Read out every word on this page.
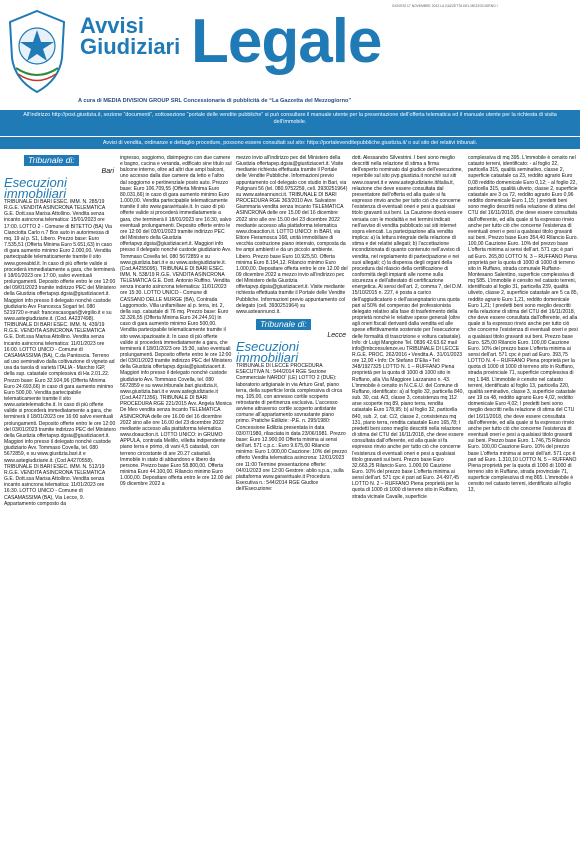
GIOVEDÌ 17 NOVEMBRE 2022 LA GAZZETTA DEL MEZZOGIORNO I
Avvisi
Giudiziari Legale
A cura di MEDIA DIVISION GROUP SRL Concessionaria di pubblicità de “La Gazzetta del Mezzogiorno”
All’indirizzo http://post.giustizia.it, sezione “documenti”, sottosezione “portale delle vendite pubbliche” si può consultare il manuale utente per la presentazione dell’offerta telematica ed il manuale utente per la richiesta di visita dell’immobile.
Avvisi di vendita, ordinanze e dettaglio procedure, possono essere consultati sul sito: https://portalevenditepubbliche.giustizia.it/ o sul sito dei relativi tribunali.
Tribunale di:
Bari
Esecuzioni immobiliari

TRIBUNALE DI BARI ESEC. IMM. N. 285/19 R.G.E. VENDITA ASINCRONA TELEMATICA G.E. Dott.ssa Marisa Attollino. Vendita senza incanto asincrona telematica: 15/01/2023 ore 17:00. LOTTO 2 - Comune di BITETTO (BA) Via Cianciotta Carlo n.7 Box auto in autorimessa di mq. 19 al p. S1, Libero. Prezzo base: Euro 7.535,51 (Offerta Minima Euro 5.651,63) in caso di gara aumento minimo Euro 2.000,00. Vendita partecipabile telematicamente tramite il sito www.goreabid.it. In caso di più offerte valide si procederà immediatamente a gara, che terminerà il 18/01/2023 ore 17:00, salvo eventuali prolungamenti. Deposito offerte entro le ore 12:00 del 09/01/2023 tramite indirizzo PEC del Ministero della Giustizia offertapvp.dgsia@giustiziacert.it. Maggiori info presso il delegato nonché custode giudiziario Avv Francesca Sogari tel. 080 5219720 e-mail: francescasogari@virgilio.it e su www.astegiudiziarie.it. (Cod. A4237498). TRIBUNALE DI BARI ESEC. IMM. N. 439/19 R.G.E. VENDITA ASINCRONA TELEMATICA G.E. Dott.ssa Marisa Attollino. Vendita senza incanto asincrona telematica: 11/01/2023 ore 16:00. LOTTO UNICO - Comune di CASAMASSIMA (BA), C.da Pantoscia. Terreno ad uso seminativo dalla coltivazione di vigneto ad uva da tavola di varietà ITALIA - Marchio IGP, della sup. catastale complessiva di Ha 2.01.22. Prezzo base: Euro 32.924,96 (Offerta Minima Euro 24.693,66) in caso di gara aumento minimo Euro 500,00. Vendita partecipabile telematicamente tramite il sito www.astetelematiche.it. In caso di più offerte valide si procederà immediatamente a gara, che terminerà il 18/01/2023 ore 16:00 salvo eventuali prolungamenti. Deposito offerte entro le ore 12:00 del 03/01/2023 tramite indirizzo PEC del Ministero della Giustizia offertapvp.dgsia@giustiziacert.it. Maggiori info presso il delegato nonché custode giudiziario Avv. Tommaso Covella, tel. 080 5672859, e su www.giustizia.bari.it e www.astegiudiziarie.it. (Cod A4270558). TRIBUNALE DI BARI ESEC. IMM. N. 512/19 R.G.E. VENDITA ASINCRONA TELEMATICA G.E. Dott.ssa Marisa Attollino. Vendita senza incanto asincrona telematica: 11/01/2023 ore 16:30. LOTTO UNICO - Comune di CASAMASSIMA (BA), Via Lecce, 9. Appartamento composto da

ingresso, soggiorno, disimpegno con due camere e bagno, cucina e veranda, edificato sine titulo sul balcone interno, oltre ad altri due ampi balconi, uno accesso dalla due camere da letto e l’altro dal soggiorno e pertinenziale posto auto. Prezzo base: Euro 106.709,55 (Offerta Minima Euro 80.031,66) in caso di gara aumento minimo Euro 1.000,00. Vendita partecipabile telematicamente tramite il sito www.garavirtuale.it. In caso di più offerte valide si procederà immediatamente a gara, che terminerà il 18/01/2023 ore 16:30, salvo eventuali prolungamenti. Deposito offerte entro le ore 12:00 del 03/01/2023 tramite indirizzo PEC del Ministero della Giustizia offertapvp.dgsia@giustiziacert.it. Maggiori info presso il delegato nonché custode giudiziario Avv. Tommaso Covella tel. 080 5672859 e su www.giustizia.bari.it e su www.astegiudiziarie.it. (Cod.A4255095). TRIBUNALE DI BARI ESEC. IMM. N. 538/19 R.G.E. VENDITA ASINCRONA TELEMATICA G.E. Dott. Antonio Ruffino. Vendita senza incanto asincrona telematica: 11/01/2023 ore 15:30. LOTTO UNICO - Comune di CASSANO DELLE MURGE (BA), Contrada Laggomodo. Villa unifamiliare al p. terra, int. 2, della sup. catastale di 76 mq. Prezzo base: Euro 32.326,55 (Offerta Minima Euro 24.244,91) in caso di gara aumento minimo Euro 500,00. Vendita partecipabile telematicamente tramite il sito www.spazioaste.it. In caso di più offerte valide si procederà immediatamente a gara, che terminerà il 18/01/2023 ore 15:30, salvo eventuali prolungamenti. Deposito offerte entro le ore 12:00 del 03/01/2023 tramite indirizzo PEC del Ministero della Giustizia offertapvp.dgsia@giustiziacert.it. Maggiori info presso il delegato nonché custode giudiziario Avv. Tommaso Covella, tel. 080 5672859 e su www.tribunale.bari.giustizia.it, www.giustizia.bari.it e www.astegiudiziarie.it (Cod.A4271356). TRIBUNALE DI BARI PROCEDURA RGE 221/2015 Avv. Angela Monica De Meo vendita senza incanto TELEMATICA ASINCRONA delle ore 16.00 del 16 dicembre 2022 sino alle ore 16.00 del 23 dicembre 2022 mediante accesso alla piattaforma telematica www.doauction.it. LOTTO UNICO: in GRUMO APPULA, contrada Melillo, villetta indipendente piano terra e primo, di vani 4,5 catastali, con terreno circostante di are 20.27 catastali. Immobile in stato di abbandono e libero da persone. Prezzo base Euro 58.800,00. Offerta minima Euro 44.100,00. Rilancio minimo Euro 1.000,00. Depositare offerta entro le ore 12.00 del 09 dicembre 2022 a

mezzo invio all’indirizzo pec del Ministero della Giustizia offertapvp.dgsia@giustiziacert.it. Visite mediante richiesta effettuata tramite il Portale delle Vendite Pubbliche. Informazioni previo appuntamento col delegato con studio in Bari, via Pulignani 56 (tel. 080.9752259, cell. 3930251964) su www.asteannunci.it. TRIBUNALE DI BARI PROCEDURA RGE 363/2010 Avv. Salvatore Giammaria vendita senza incanto TELEMATICA ASINCRONA delle ore 15.00 del 16 dicembre 2022 sino alle ore 15.00 del 23 dicembre 2022 mediante accesso alla piattaforma telematica www.doauction.it. LOTTO UNICO: in BARI, via Ettore Fieramosca 168, unità immobiliare di vecchia costruzione piano interrato, composta da tre ampi ambienti e da un piccolo ambiente. Libero. Prezzo base Euro 10.925,50. Offerta minima Euro 8.194,12. Rilancio minimo Euro 1.000,00. Depositare offerta entro le ore 12.00 del 09 dicembre 2022 a mezzo invio all’indirizzo pec del Ministero della Giustizia offertapvp.dgsia@giustiziacert.it. Visite mediante richiesta effettuata tramite il Portale delle Vendite Pubbliche. Informazioni previo appuntamento col delegato (cell. 3930251964) su www.asteannunci.it.

Tribunale di:
Lecce
Esecuzioni immobiliari

TRIBUNALE DI LECCE PROCEDURA ESECUTIVA N.: 544/2014 RGE Sezione Commerciale NARDO’ (LE) LOTTO 2 (DUE): laboratorio artigianale in via Arturo Graf, piano terra, della superficie lorda complessiva di circa mq. 105,00, con annesso cortile scoperto retrostante di pertinenza esclusiva. L’accesso avviene attraverso cortile scoperto antistante comune all’appartamento sovrastante piano primo. Pratiche Edilizie: -P.E. n. 295/1980: Concessione Edilizia presentata in data 03/07/1980, rilasciata in data 23/06/1981. Prezzo base: Euro 12.900,00 Offerta minima ai sensi dell’art. 571 c.p.c.: Euro 9.675,00 Rilancio minimo: Euro 1.000,00 Cauzione: 10% del prezzo offerto Vendita telematica asincrona: 12/01/2023 ore 11:00 Termine presentazione offerte: 04/01/2023 ore 12:00 Gestore: ablio s.p.a., sulla piattaforma www.garavirtuale.it Procedura Esecutiva n.: 544/2014 RGE Giudice dell’Esecuzione:

dott. Alessandro Silvestrini. I beni sono meglio descritti nella relazione di stima a firma dell’esperto nominato dal giudice dell’esecuzione, reperibile sul sito pvp.giustizia.it nonché sui siti www.oxanet.it e www.astegiudiziarie.it/italia.it, relazione che deve essere consultata dal presentatore dell’offerta ed alla quale si fa espresso rinvio anche per tutto ciò che concerne l’esistenza di eventuali oneri e pesi a qualsiasi titolo gravanti sui beni. La Cauzione dovrà essere versata con le modalità e nei termini indicati nell’avviso di vendita pubblicato sui siti internet sopra elencati. La partecipazione alla vendita implica: a) la lettura integrale della relazione di stima e dei relativi allegati; b) l’accettazione incondizionata di quanto contenuto nell’avviso di vendita, nel regolamento di partecipazione e nei suoi allegati; c) la dispensa degli organi della procedura dal rilascio della certificazione di conformità degli impianti alle norme sulla sicurezza e dell’attestato di certificazione energetica. Ai sensi dell’art. 2, comma 7, del D.M. 15/10/2015 n. 227, è posta a carico dell’aggiudicatario o dell’assegnatario una quota pari al 50% del compenso del professionista delegato relativo alla fase di trasferimento della proprietà nonché le relative spese generali (oltre agli oneri fiscali derivanti dalla vendita ed alle spese effettivamente sostenute per l’esecuzione delle formalità di trascrizione e voltura catastale). Info: dr Luigi Mangione Tel. 0836 42.63.62 mail info@mbconsulenze.eu TRIBUNALE DI LECCE R.G.E. PROC. 262/2016 • Vendita A . 31/01/2023 ore 12,00 • Info: Dr Stefano D’Elia • Tel: 348/1927325 LOTTO N. 1 – RUFFANO Piena proprietà per la quota di 1000 di 1000 sito in Ruffano, alla Via Maggiore Lazzarano n. 43. L’immobile è censito in N.C.E.U. del Comune di Ruffano, identificato: a) al foglio 32, particella 840, sub. 30, cat. A/3, classe 3, consistenza mq 112 arse scoperte mq 89, piano terra, rendita catastale Euro 178,95; b) al foglio 32, particella 840, sub. 2, cat. C/2, classe 2, consistenza mq 131, piano terra, rendita catastale Euro 165,78; I predetti beni sono meglio descritti nella relazione di stima del CTU del 16/11/2018, che deve essere consultata dall’offerente, ed alla quale si fa espresso rinvio anche per tutto ciò che concerne l’esistenza di eventuali oneri e pesi a qualsiasi titolo gravanti sui beni. Prezzo base Euro 32.663,25 Rilancio Euro. 1.000,00 Cauzione Euro. 10% del prezzo base L’offerta minima ai sensi dell’art. 571 cpc è pari ad Euro. 24.497,45 LOTTO N. 2 – RUFFANO Piena proprietà per la quota di 1000 di 1000 di terreno sito in Ruffano, strada vicinale Cavalle, superficie

complessiva di mq 395. L’immobile è censito nel catasto terreni, identificato: - al foglio 22, particella 315, qualità seminativo, classe 2, superficie catastale ca 23, reddito agrario Euro 0,08 reddito domenicale Euro 0,12; - al foglio 22, particella 315, qualità uliveto, classe 2, superficie catastale are 3 ca 72, reddito agrario Euro 0,96 reddito domenicale Euro 1,15; I predetti beni sono meglio descritti nella relazione di stima del CTU del 16/11/2018, che deve essere consultata dall’offerente, ed alla quale si fa espresso rinvio anche per tutto ciò che concerne l’esistenza di eventuali oneri e pesi a qualsiasi titolo gravanti sui beni. Prezzo base Euro 354,40 Rilancio Euro. 100,00 Cauzione Euro. 10% del prezzo base L’offerta minima ai sensi dell’art. 571 cpc è pari ad Euro. 265,80 LOTTO N. 3 – RUFFANO Piena proprietà per la quota di 1000 di 1000 di terreno sito in Ruffano, strada comunale Ruffano-Montesano Salentino, superficie complessiva di mq 585. L’immobile è censito nel catasto terreni, identificato al foglio 31, particella 239, qualità uliveto, classe 2, superficie catastale are 5 ca 85, reddito agrario Euro 1,21, reddito domenicale Euro 1,21; I predetti beni sono meglio descritti nella relazione di stima del CTU del 16/11/2018, che deve essere consultata dall’offerente, ed alla quale si fa espresso rinvio anche per tutto ciò che concerne l’esistenza di eventuali oneri e pesi a qualsiasi titolo gravanti sui beni. Prezzo base Euro. 525,00 Rilancio Euro. 100,00 Cauzione Euro. 10% del prezzo base L’offerta minima ai sensi dell’art. 571 cpc è pari ad Euro. 393,75 LOTTO N. 4 – RUFFANO Piena proprietà per la quota di 1000 di 1000 di terreno sito in Ruffano, strada provinciale 71, superficie complessiva di mq 1.948. L’immobile è censito nel catasto terreni, identificato al foglio 13, particella 220, qualità seminativo, classe 3, superficie catastale are 19 ca 48, reddito agrario Euro 4,02, reddito domenicale Euro 4,02; I predetti beni sono meglio descritti nella relazione di stima del CTU del 16/11/2018, che deve essere consultata dall’offerente, ed alla quale si fa espresso rinvio anche per tutto ciò che concerne l’esistenza di eventuali oneri e pesi a qualsiasi titolo gravanti sui beni. Prezzo base Euro. 1.746,75 Rilancio Euro. 100,00 Cauzione Euro. 10% del prezzo base L’offerta minima ai sensi dell’art. 571 cpc è pari ad Euro. 1.310,10 LOTTO N. 5 – RUFFANO Piena proprietà per la quota di 1000 di 1000 di terreno sito in Ruffano, strada provinciale 71, superficie complessiva di mq 865. L’immobile è censito nel catasto terreni, identificato al foglio 13,
